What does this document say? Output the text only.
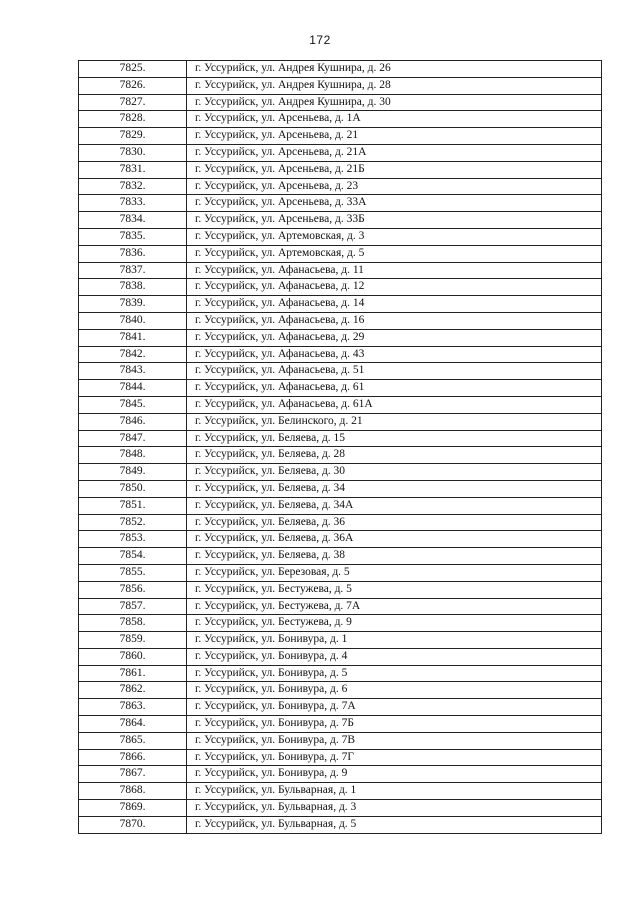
172
7825.	г. Уссурийск, ул. Андрея Кушнира, д. 26
7826.	г. Уссурийск, ул. Андрея Кушнира, д. 28
7827.	г. Уссурийск, ул. Андрея Кушнира, д. 30
7828.	г. Уссурийск, ул. Арсеньева, д. 1А
7829.	г. Уссурийск, ул. Арсеньева, д. 21
7830.	г. Уссурийск, ул. Арсеньева, д. 21А
7831.	г. Уссурийск, ул. Арсеньева, д. 21Б
7832.	г. Уссурийск, ул. Арсеньева, д. 23
7833.	г. Уссурийск, ул. Арсеньева, д. 33А
7834.	г. Уссурийск, ул. Арсеньева, д. 33Б
7835.	г. Уссурийск, ул. Артемовская, д. 3
7836.	г. Уссурийск, ул. Артемовская, д. 5
7837.	г. Уссурийск, ул. Афанасьева, д. 11
7838.	г. Уссурийск, ул. Афанасьева, д. 12
7839.	г. Уссурийск, ул. Афанасьева, д. 14
7840.	г. Уссурийск, ул. Афанасьева, д. 16
7841.	г. Уссурийск, ул. Афанасьева, д. 29
7842.	г. Уссурийск, ул. Афанасьева, д. 43
7843.	г. Уссурийск, ул. Афанасьева, д. 51
7844.	г. Уссурийск, ул. Афанасьева, д. 61
7845.	г. Уссурийск, ул. Афанасьева, д. 61А
7846.	г. Уссурийск, ул. Белинского, д. 21
7847.	г. Уссурийск, ул. Беляева, д. 15
7848.	г. Уссурийск, ул. Беляева, д. 28
7849.	г. Уссурийск, ул. Беляева, д. 30
7850.	г. Уссурийск, ул. Беляева, д. 34
7851.	г. Уссурийск, ул. Беляева, д. 34А
7852.	г. Уссурийск, ул. Беляева, д. 36
7853.	г. Уссурийск, ул. Беляева, д. 36А
7854.	г. Уссурийск, ул. Беляева, д. 38
7855.	г. Уссурийск, ул. Березовая, д. 5
7856.	г. Уссурийск, ул. Бестужева, д. 5
7857.	г. Уссурийск, ул. Бестужева, д. 7А
7858.	г. Уссурийск, ул. Бестужева, д. 9
7859.	г. Уссурийск, ул. Бонивура, д. 1
7860.	г. Уссурийск, ул. Бонивура, д. 4
7861.	г. Уссурийск, ул. Бонивура, д. 5
7862.	г. Уссурийск, ул. Бонивура, д. 6
7863.	г. Уссурийск, ул. Бонивура, д. 7А
7864.	г. Уссурийск, ул. Бонивура, д. 7Б
7865.	г. Уссурийск, ул. Бонивура, д. 7В
7866.	г. Уссурийск, ул. Бонивура, д. 7Г
7867.	г. Уссурийск, ул. Бонивура, д. 9
7868.	г. Уссурийск, ул. Бульварная, д. 1
7869.	г. Уссурийск, ул. Бульварная, д. 3
7870.	г. Уссурийск, ул. Бульварная, д. 5
